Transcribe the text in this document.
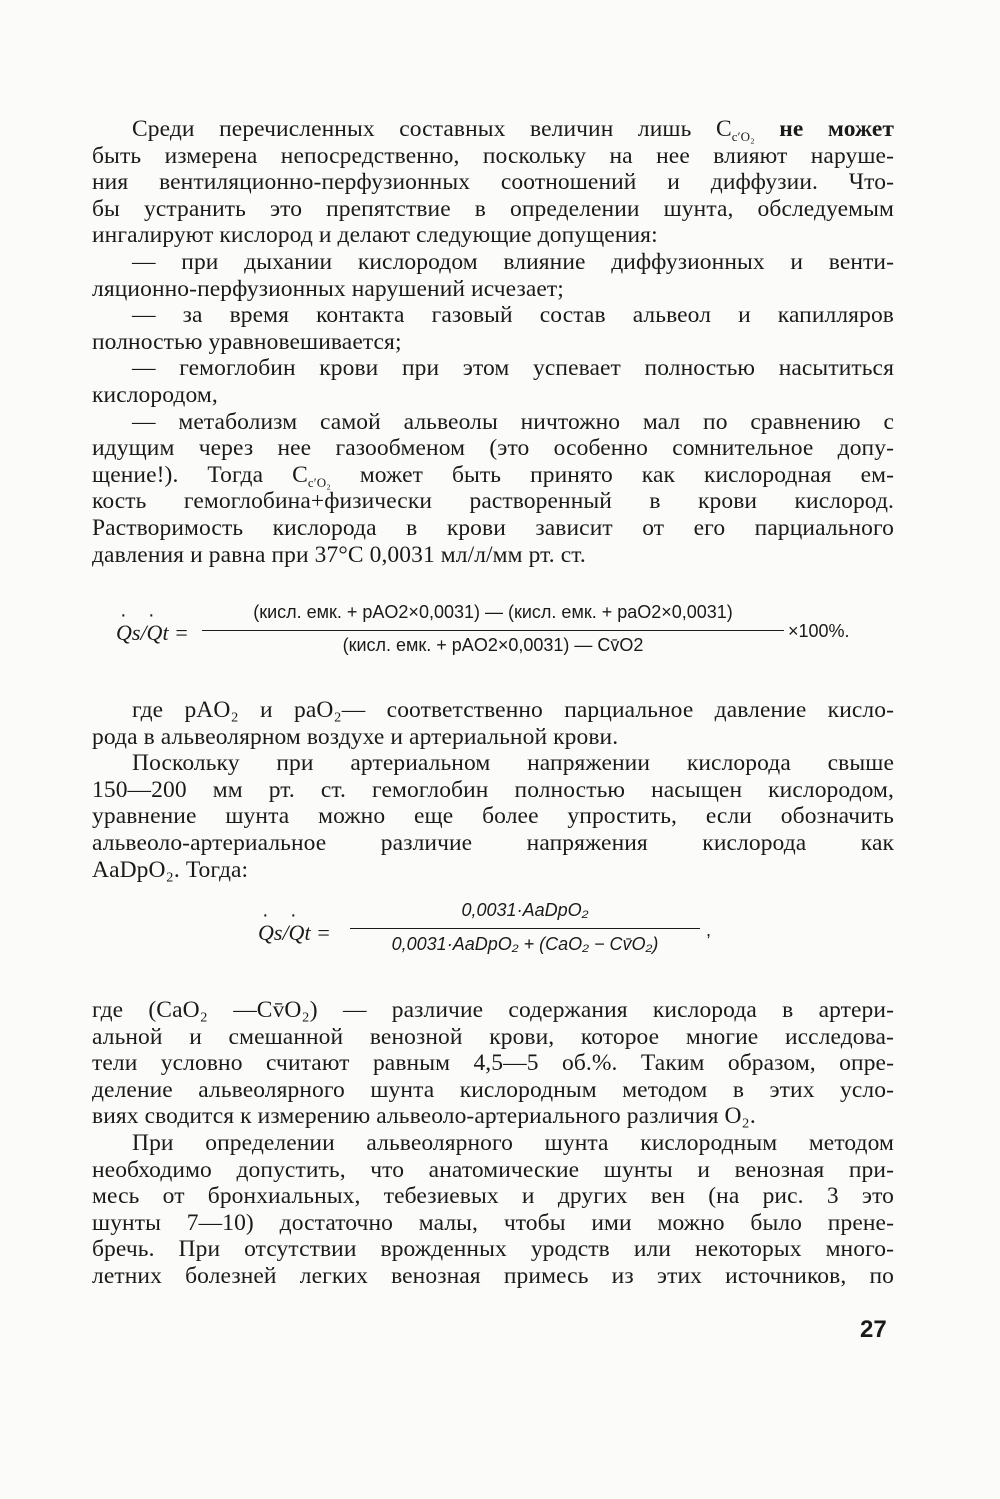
Среди перечисленных составных величин лишь $C_{c'O_2}$ не может
быть измерена непосредственно, поскольку на нее влияют наруше-
ния вентиляционно-перфузионных соотношений и диффузии. Что-
бы устранить это препятствие в определении шунта, обследуемым
ингалируют кислород и делают следующие допущения:
— при дыхании кислородом влияние диффузионных и венти-
ляционно-перфузионных нарушений исчезает;
— за время контакта газовый состав альвеол и капилляров
полностью уравновешивается;
— гемоглобин крови при этом успевает полностью насытиться
кислородом,
— метаболизм самой альвеолы ничтожно мал по сравнению с
идущим через нее газообменом (это особенно сомнительное допу-
щение!). Тогда $C_{c'O_2}$ может быть принято как кислородная ем-
кость гемоглобина+физически растворенный в крови кислород.
Растворимость кислорода в крови зависит от его парциального
давления и равна при 37°C 0,0031 мл/л/мм рт. ст.
· ·
Qs/Qt =
(кисл. емк. + pAO2×0,0031) — (кисл. емк. + paO2×0,0031)
(кисл. емк. + pAO2×0,0031) — Cv̄O2
×100%.
где pAO₂ и paO₂— соответственно парциальное давление кисло-
рода в альвеолярном воздухе и артериальной крови.
Поскольку при артериальном напряжении кислорода свыше
150—200 мм рт. ст. гемоглобин полностью насыщен кислородом,
уравнение шунта можно еще более упростить, если обозначить
альвеоло-артериальное различие напряжения кислорода как
AaDpO₂. Тогда:
· ·
Qs/Qt =
0,0031·AaDpO₂
0,0031·AaDpO₂ + (CaO₂ − Cv̄O₂)
,
где (CaO₂ —Cv̄O₂) — различие содержания кислорода в артери-
альной и смешанной венозной крови, которое многие исследова-
тели условно считают равным 4,5—5 об.%. Таким образом, опре-
деление альвеолярного шунта кислородным методом в этих усло-
виях сводится к измерению альвеоло-артериального различия O₂.
При определении альвеолярного шунта кислородным методом
необходимо допустить, что анатомические шунты и венозная при-
месь от бронхиальных, тебезиевых и других вен (на рис. 3 это
шунты 7—10) достаточно малы, чтобы ими можно было прене-
бречь. При отсутствии врожденных уродств или некоторых много-
летних болезней легких венозная примесь из этих источников, по
27
